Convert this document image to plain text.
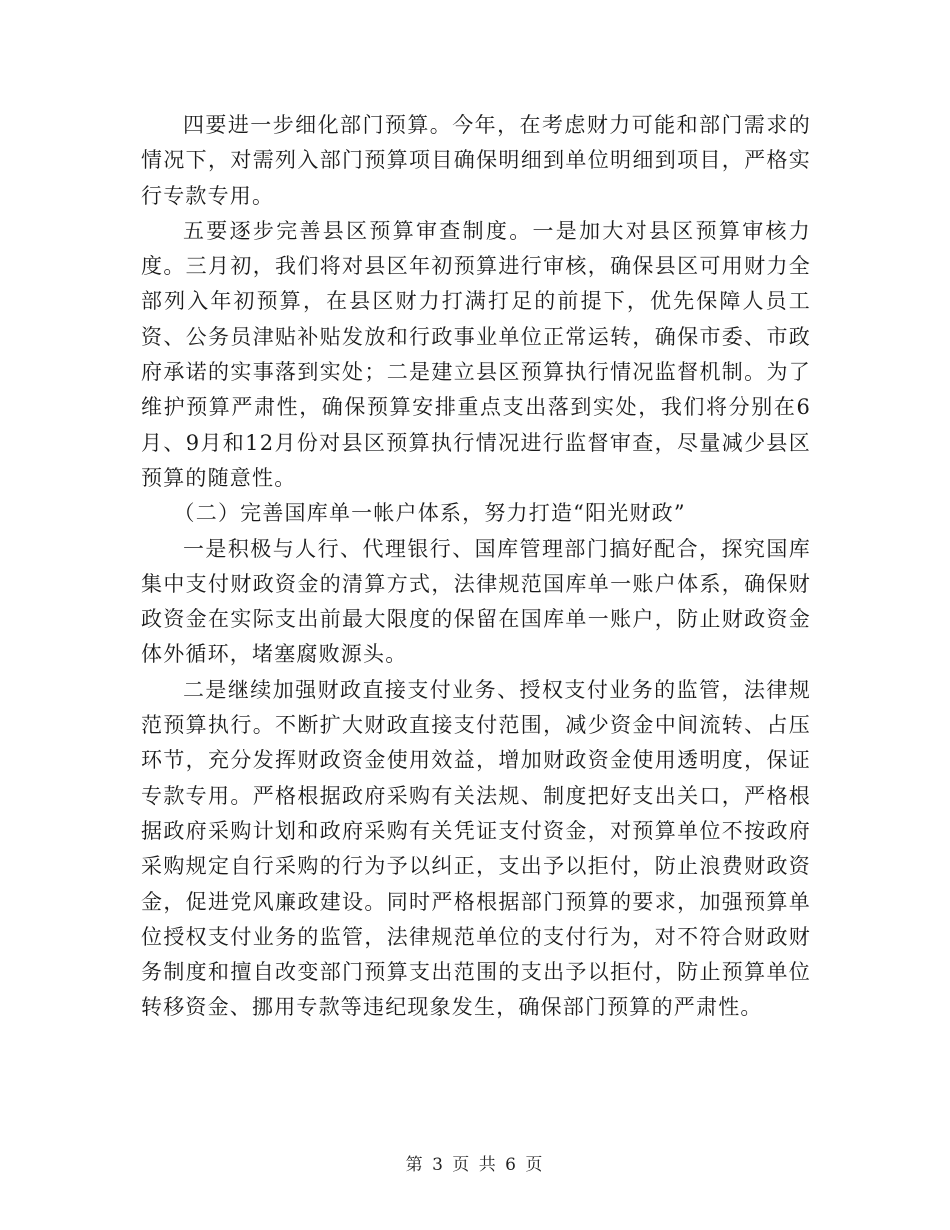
四要进一步细化部门预算。今年，在考虑财力可能和部门需求的情况下，对需列入部门预算项目确保明细到单位明细到项目，严格实行专款专用。

五要逐步完善县区预算审查制度。一是加大对县区预算审核力度。三月初，我们将对县区年初预算进行审核，确保县区可用财力全部列入年初预算，在县区财力打满打足的前提下，优先保障人员工资、公务员津贴补贴发放和行政事业单位正常运转，确保市委、市政府承诺的实事落到实处；二是建立县区预算执行情况监督机制。为了维护预算严肃性，确保预算安排重点支出落到实处，我们将分别在6月、9月和12月份对县区预算执行情况进行监督审查，尽量减少县区预算的随意性。

（二）完善国库单一帐户体系，努力打造“阳光财政”

一是积极与人行、代理银行、国库管理部门搞好配合，探究国库集中支付财政资金的清算方式，法律规范国库单一账户体系，确保财政资金在实际支出前最大限度的保留在国库单一账户，防止财政资金体外循环，堵塞腐败源头。

二是继续加强财政直接支付业务、授权支付业务的监管，法律规范预算执行。不断扩大财政直接支付范围，减少资金中间流转、占压环节，充分发挥财政资金使用效益，增加财政资金使用透明度，保证专款专用。严格根据政府采购有关法规、制度把好支出关口，严格根据政府采购计划和政府采购有关凭证支付资金，对预算单位不按政府采购规定自行采购的行为予以纠正，支出予以拒付，防止浪费财政资金，促进党风廉政建设。同时严格根据部门预算的要求，加强预算单位授权支付业务的监管，法律规范单位的支付行为，对不符合财政财务制度和擅自改变部门预算支出范围的支出予以拒付，防止预算单位转移资金、挪用专款等违纪现象发生，确保部门预算的严肃性。

第 3 页 共 6 页
